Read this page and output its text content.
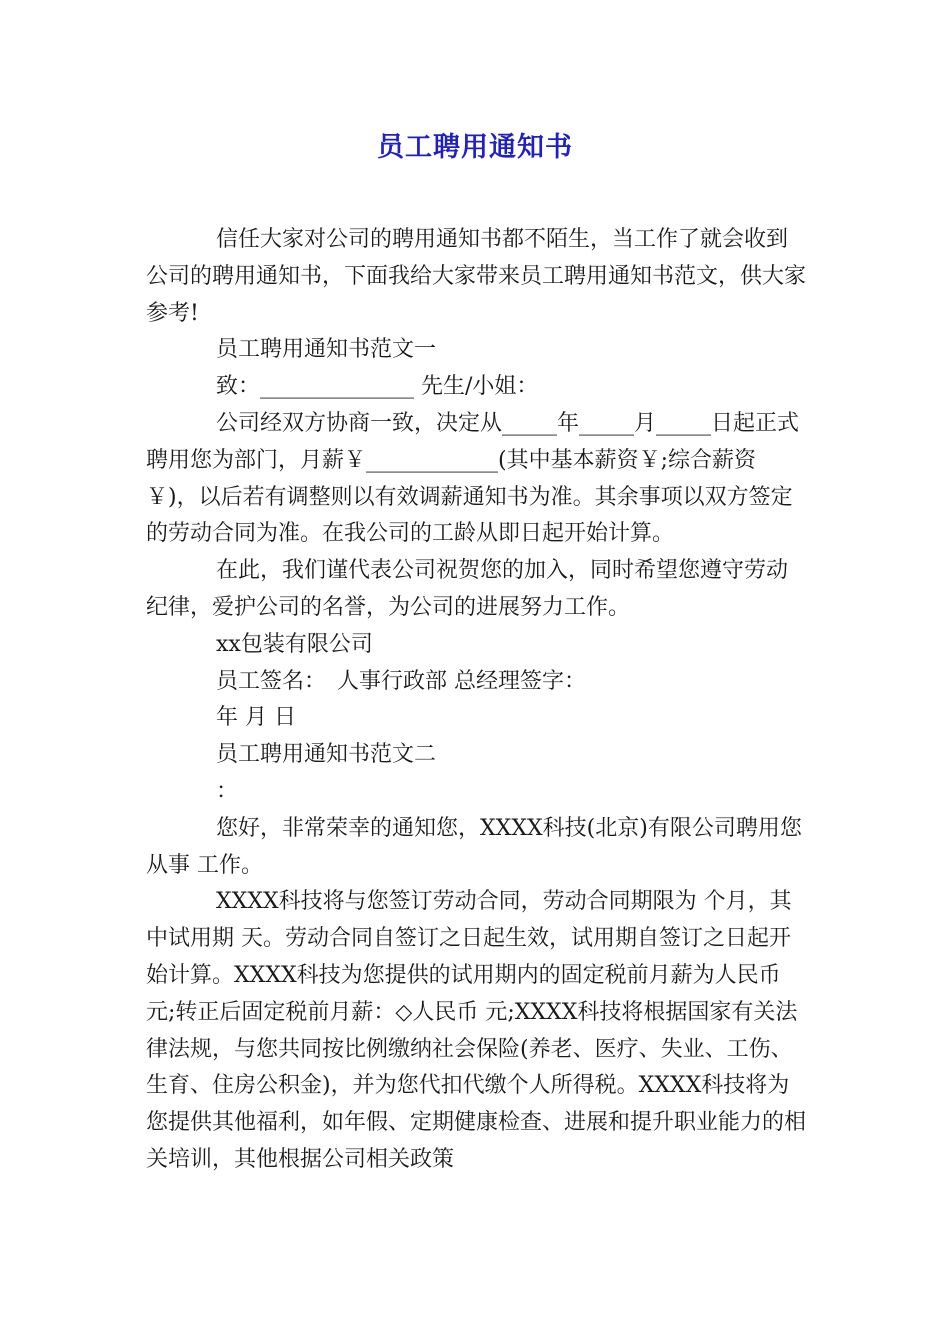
员工聘用通知书

信任大家对公司的聘用通知书都不陌生，当工作了就会收到公司的聘用通知书，下面我给大家带来员工聘用通知书范文，供大家参考!

员工聘用通知书范文一

致：______________ 先生/小姐：

公司经双方协商一致，决定从_____年_____月_____日起正式聘用您为部门，月薪￥____________(其中基本薪资￥;综合薪资￥)，以后若有调整则以有效调薪通知书为准。其余事项以双方签定的劳动合同为准。在我公司的工龄从即日起开始计算。

在此，我们谨代表公司祝贺您的加入，同时希望您遵守劳动纪律，爱护公司的名誉，为公司的进展努力工作。

xx包装有限公司

员工签名：　人事行政部 总经理签字：

年 月 日

员工聘用通知书范文二

：

您好，非常荣幸的通知您，XXXX科技(北京)有限公司聘用您从事 工作。

XXXX科技将与您签订劳动合同，劳动合同期限为 个月，其中试用期 天。劳动合同自签订之日起生效，试用期自签订之日起开始计算。XXXX科技为您提供的试用期内的固定税前月薪为人民币 元;转正后固定税前月薪：◇人民币 元;XXXX科技将根据国家有关法律法规，与您共同按比例缴纳社会保险(养老、医疗、失业、工伤、生育、住房公积金)，并为您代扣代缴个人所得税。XXXX科技将为您提供其他福利，如年假、定期健康检查、进展和提升职业能力的相关培训，其他根据公司相关政策
